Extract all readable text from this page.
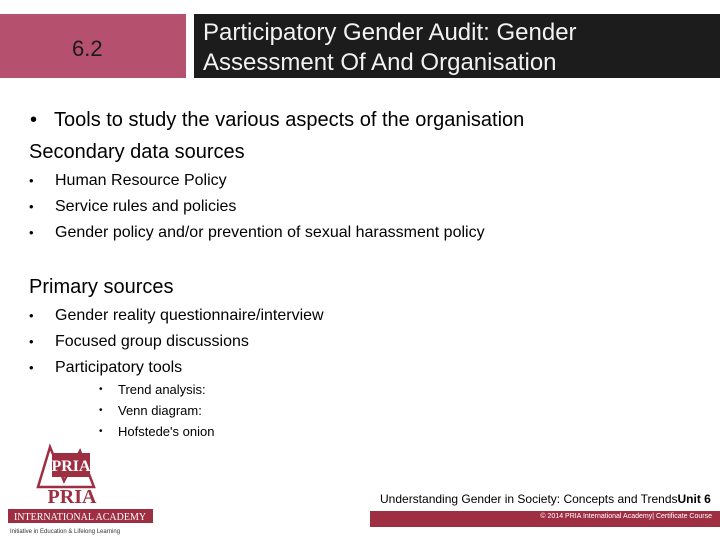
6.2
Participatory Gender Audit: Gender
Assessment Of And Organisation
• Tools to study the various aspects of the organisation
Secondary data sources
• Human Resource Policy
• Service rules and policies
• Gender policy and/or prevention of sexual harassment policy
Primary sources
• Gender reality questionnaire/interview
• Focused group discussions
• Participatory tools
• Trend analysis:
• Venn diagram:
• Hofstede's onion
PRIA
PRIA
INTERNATIONAL ACADEMY
Initiative in Education & Lifelong Learning
Understanding Gender in Society: Concepts and TrendsUnit 6
© 2014 PRIA International Academy| Certificate Course
